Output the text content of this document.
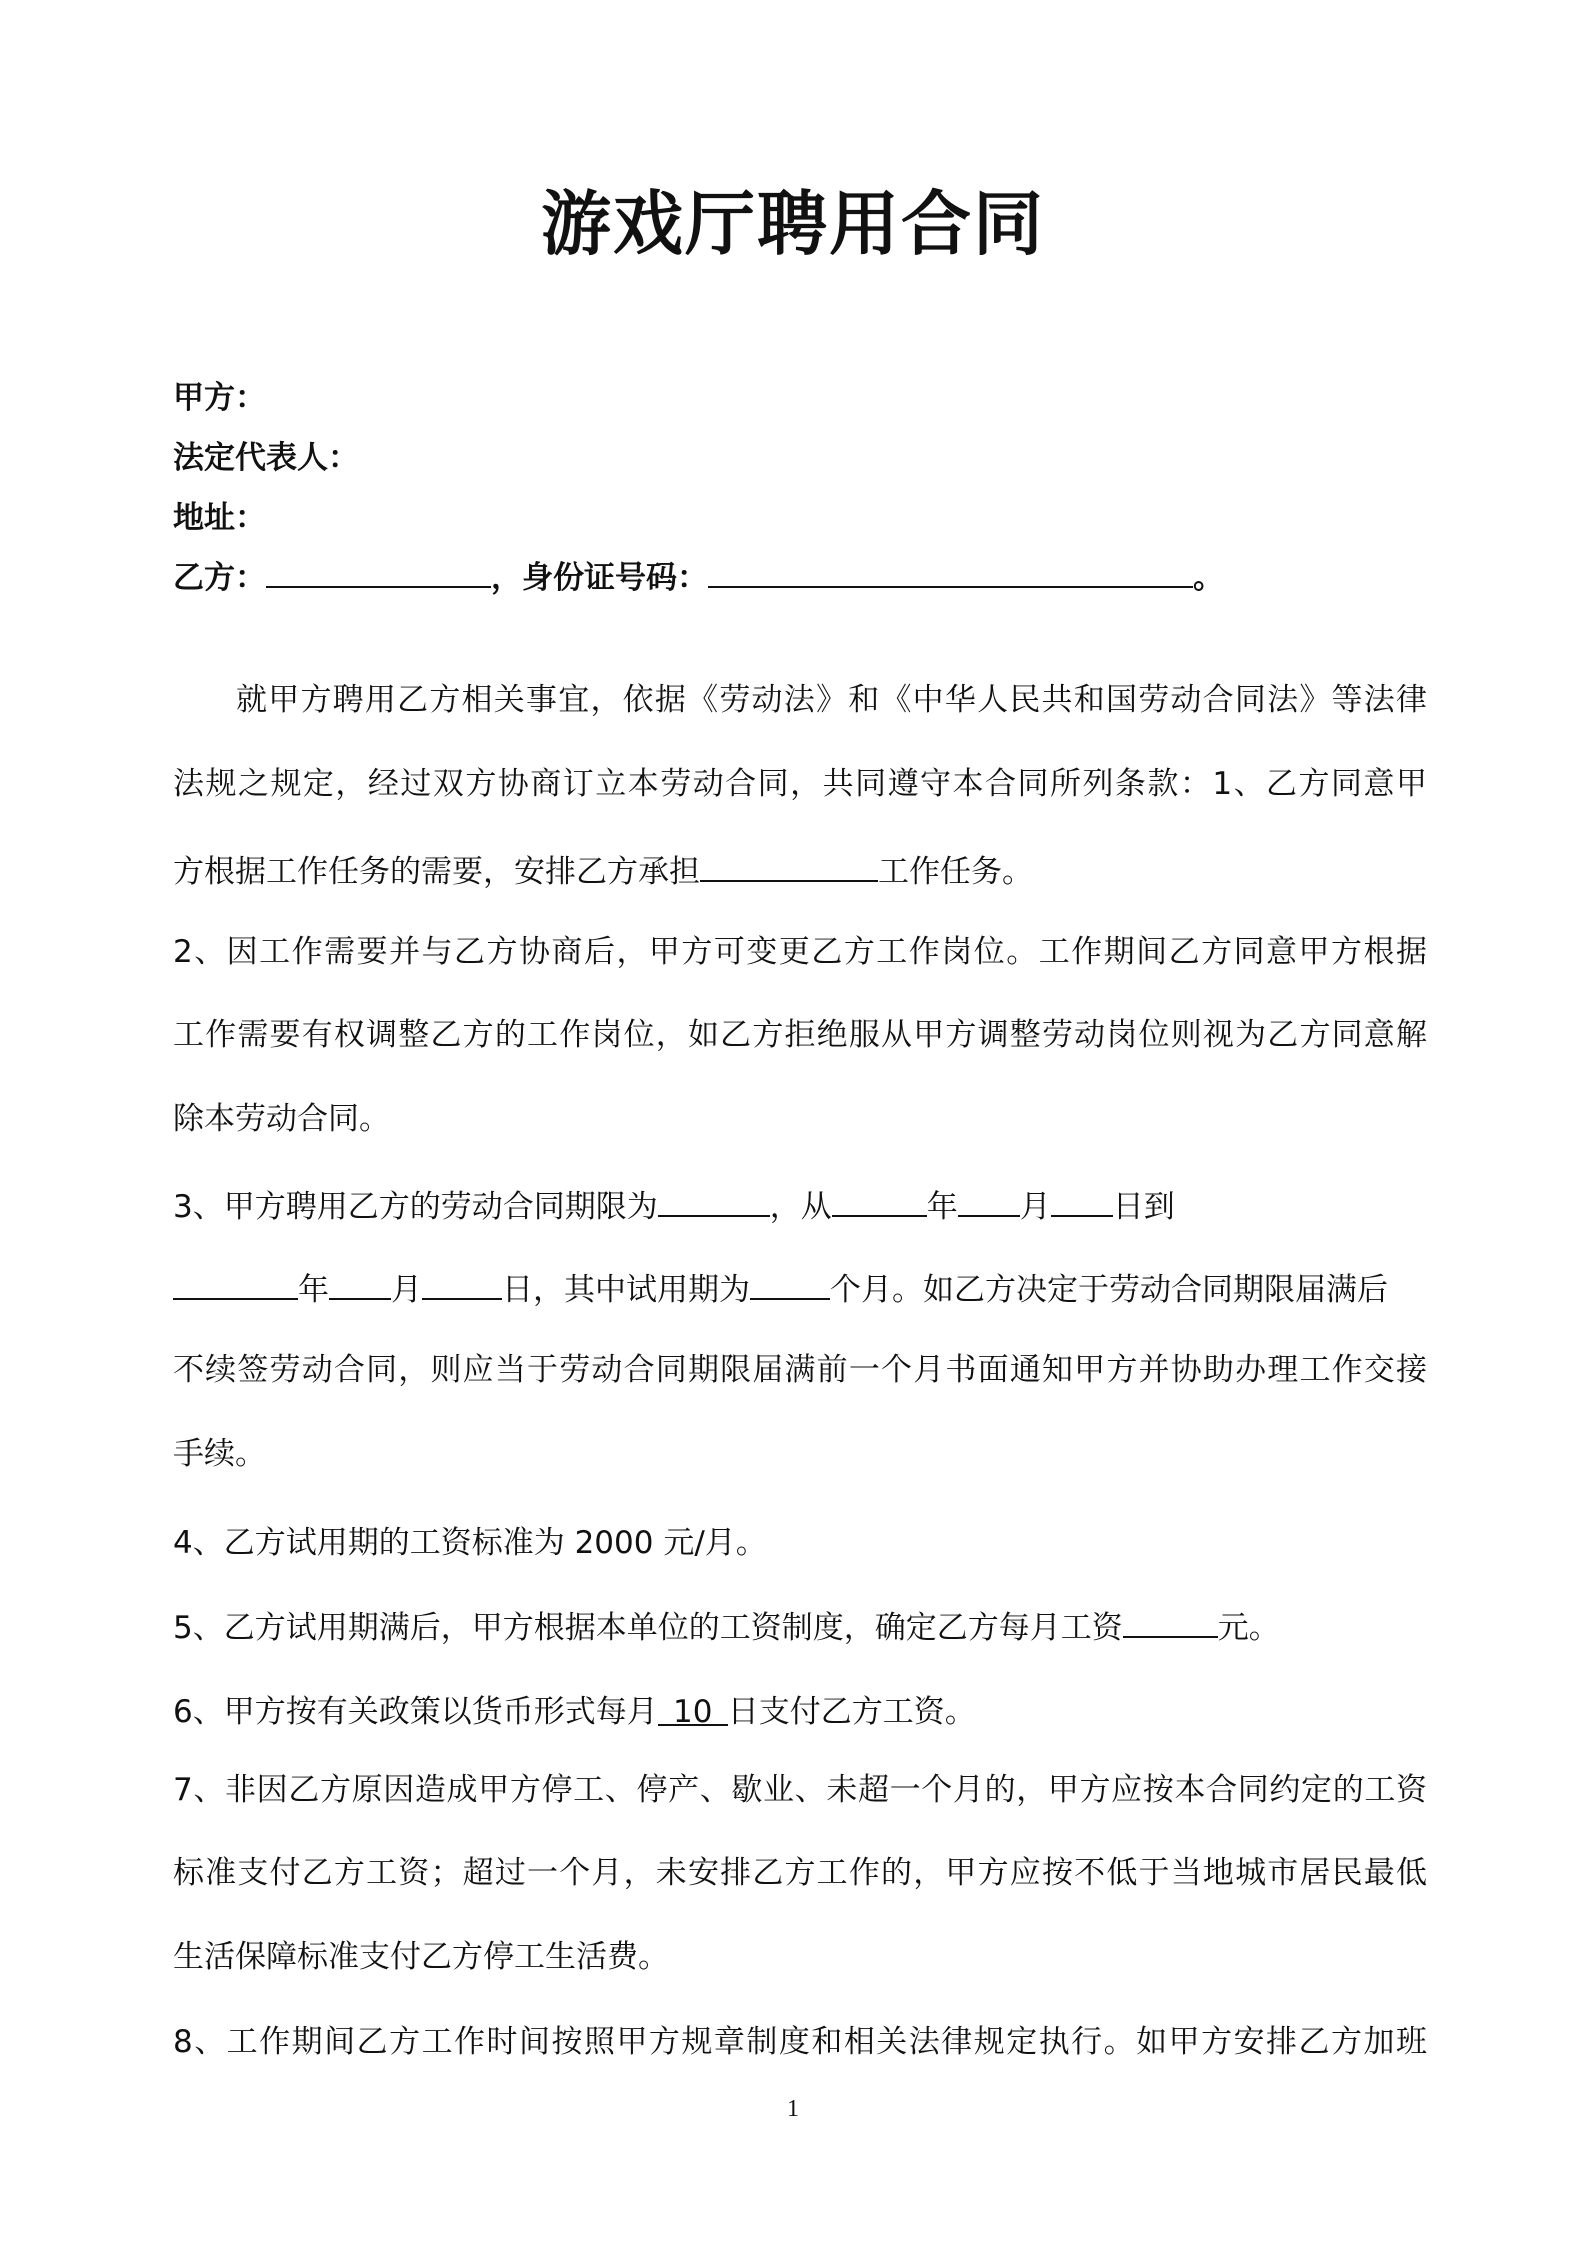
游戏厅聘用合同
甲方：
法定代表人：
地址：
乙方：	，身份证号码：	。
就甲方聘用乙方相关事宜，依据《劳动法》和《中华人民共和国劳动合同法》等法律
法规之规定，经过双方协商订立本劳动合同，共同遵守本合同所列条款：1、乙方同意甲
方根据工作任务的需要，安排乙方承担	工作任务。
2、因工作需要并与乙方协商后，甲方可变更乙方工作岗位。工作期间乙方同意甲方根据
工作需要有权调整乙方的工作岗位，如乙方拒绝服从甲方调整劳动岗位则视为乙方同意解
除本劳动合同。
3、甲方聘用乙方的劳动合同期限为	，从	年 月 日到
年 月	日，其中试用期为	个月。如乙方决定于劳动合同期限届满后
不续签劳动合同，则应当于劳动合同期限届满前一个月书面通知甲方并协助办理工作交接
手续。
4、乙方试用期的工资标准为 2000 元/月。
5、乙方试用期满后，甲方根据本单位的工资制度，确定乙方每月工资	元。
6、甲方按有关政策以货币形式每月 10 日支付乙方工资。
7、非因乙方原因造成甲方停工、停产、歇业、未超一个月的，甲方应按本合同约定的工资
标准支付乙方工资；超过一个月，未安排乙方工作的，甲方应按不低于当地城市居民最低
生活保障标准支付乙方停工生活费。
8、工作期间乙方工作时间按照甲方规章制度和相关法律规定执行。如甲方安排乙方加班
1
